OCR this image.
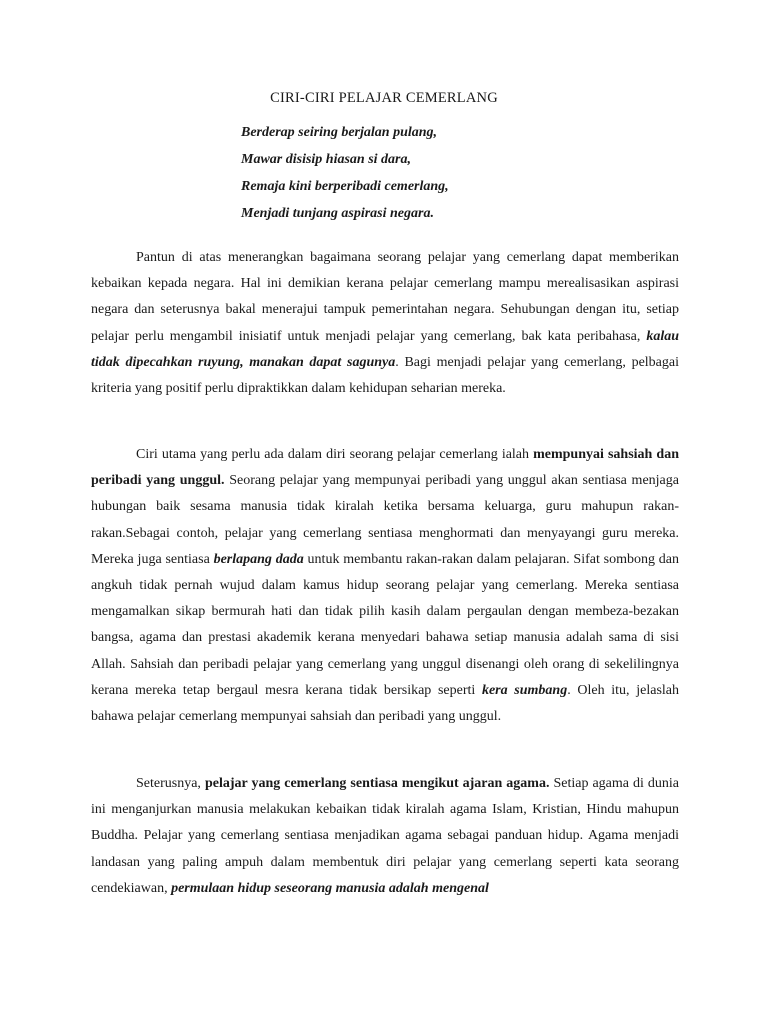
CIRI-CIRI PELAJAR CEMERLANG
Berderap seiring berjalan pulang,
Mawar disisip hiasan si dara,
Remaja kini berperibadi cemerlang,
Menjadi tunjang aspirasi negara.

Pantun di atas menerangkan bagaimana seorang pelajar yang cemerlang dapat memberikan kebaikan kepada negara. Hal ini demikian kerana pelajar cemerlang mampu merealisasikan aspirasi negara dan seterusnya bakal menerajui tampuk pemerintahan negara. Sehubungan dengan itu, setiap pelajar perlu mengambil inisiatif untuk menjadi pelajar yang cemerlang, bak kata peribahasa, kalau tidak dipecahkan ruyung, manakan dapat sagunya. Bagi menjadi pelajar yang cemerlang, pelbagai kriteria yang positif perlu dipraktikkan dalam kehidupan seharian mereka.

Ciri utama yang perlu ada dalam diri seorang pelajar cemerlang ialah mempunyai sahsiah dan peribadi yang unggul. Seorang pelajar yang mempunyai peribadi yang unggul akan sentiasa menjaga hubungan baik sesama manusia tidak kiralah ketika bersama keluarga, guru mahupun rakan-rakan.Sebagai contoh, pelajar yang cemerlang sentiasa menghormati dan menyayangi guru mereka. Mereka juga sentiasa berlapang dada untuk membantu rakan-rakan dalam pelajaran. Sifat sombong dan angkuh tidak pernah wujud dalam kamus hidup seorang pelajar yang cemerlang. Mereka sentiasa mengamalkan sikap bermurah hati dan tidak pilih kasih dalam pergaulan dengan membeza-bezakan bangsa, agama dan prestasi akademik kerana menyedari bahawa setiap manusia adalah sama di sisi Allah. Sahsiah dan peribadi pelajar yang cemerlang yang unggul disenangi oleh orang di sekelilingnya kerana mereka tetap bergaul mesra kerana tidak bersikap seperti kera sumbang. Oleh itu, jelaslah bahawa pelajar cemerlang mempunyai sahsiah dan peribadi yang unggul.

Seterusnya, pelajar yang cemerlang sentiasa mengikut ajaran agama. Setiap agama di dunia ini menganjurkan manusia melakukan kebaikan tidak kiralah agama Islam, Kristian, Hindu mahupun Buddha. Pelajar yang cemerlang sentiasa menjadikan agama sebagai panduan hidup. Agama menjadi landasan yang paling ampuh dalam membentuk diri pelajar yang cemerlang seperti kata seorang cendekiawan, permulaan hidup seseorang manusia adalah mengenal
